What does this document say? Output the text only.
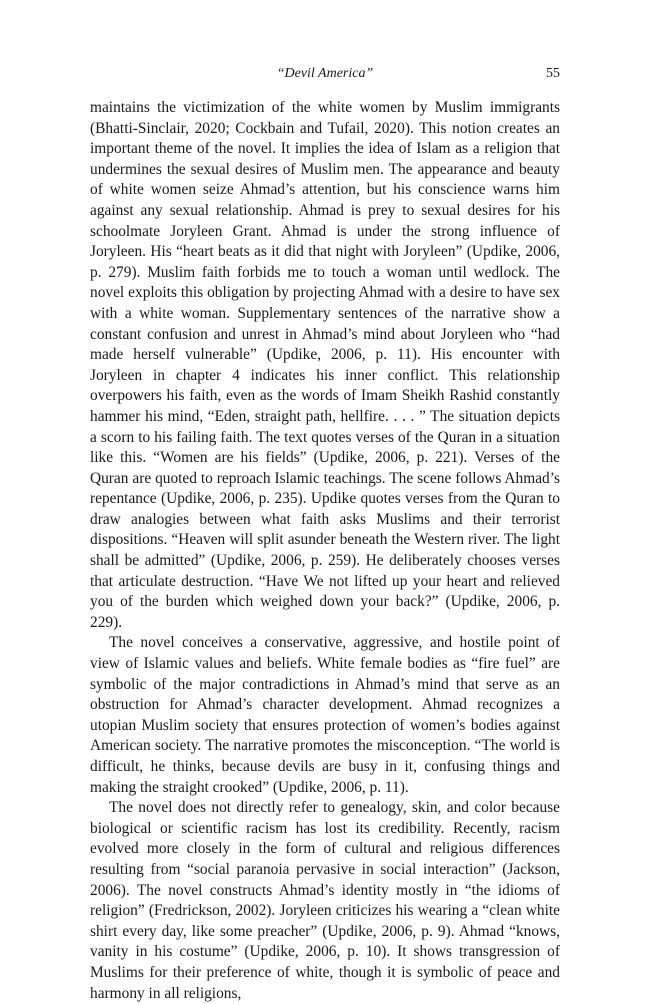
“Devil America”	55

maintains the victimization of the white women by Muslim immigrants (Bhatti-Sinclair, 2020; Cockbain and Tufail, 2020). This notion creates an important theme of the novel. It implies the idea of Islam as a religion that undermines the sexual desires of Muslim men. The appearance and beauty of white women seize Ahmad’s attention, but his conscience warns him against any sexual relationship. Ahmad is prey to sexual desires for his schoolmate Joryleen Grant. Ahmad is under the strong influence of Joryleen. His “heart beats as it did that night with Joryleen” (Updike, 2006, p. 279). Muslim faith forbids me to touch a woman until wedlock. The novel exploits this obligation by projecting Ahmad with a desire to have sex with a white woman. Supplementary sentences of the narrative show a constant confusion and unrest in Ahmad’s mind about Joryleen who “had made herself vulnerable” (Updike, 2006, p. 11). His encounter with Joryleen in chapter 4 indicates his inner conflict. This relationship overpowers his faith, even as the words of Imam Sheikh Rashid constantly hammer his mind, “Eden, straight path, hellfire. . . . ” The situation depicts a scorn to his failing faith. The text quotes verses of the Quran in a situation like this. “Women are his fields” (Updike, 2006, p. 221). Verses of the Quran are quoted to reproach Islamic teachings. The scene follows Ahmad’s repentance (Updike, 2006, p. 235). Updike quotes verses from the Quran to draw analogies between what faith asks Muslims and their terrorist dispositions. “Heaven will split asunder beneath the Western river. The light shall be admitted” (Updike, 2006, p. 259). He deliberately chooses verses that articulate destruction. “Have We not lifted up your heart and relieved you of the burden which weighed down your back?” (Updike, 2006, p. 229).

The novel conceives a conservative, aggressive, and hostile point of view of Islamic values and beliefs. White female bodies as “fire fuel” are symbolic of the major contradictions in Ahmad’s mind that serve as an obstruction for Ahmad’s character development. Ahmad recognizes a utopian Muslim society that ensures protection of women’s bodies against American society. The narrative promotes the misconception. “The world is difficult, he thinks, because devils are busy in it, confusing things and making the straight crooked” (Updike, 2006, p. 11).

The novel does not directly refer to genealogy, skin, and color because biological or scientific racism has lost its credibility. Recently, racism evolved more closely in the form of cultural and religious differences resulting from “social paranoia pervasive in social interaction” (Jackson, 2006). The novel constructs Ahmad’s identity mostly in “the idioms of religion” (Fredrickson, 2002). Joryleen criticizes his wearing a “clean white shirt every day, like some preacher” (Updike, 2006, p. 9). Ahmad “knows, vanity in his costume” (Updike, 2006, p. 10). It shows transgression of Muslims for their preference of white, though it is symbolic of peace and harmony in all religions,
